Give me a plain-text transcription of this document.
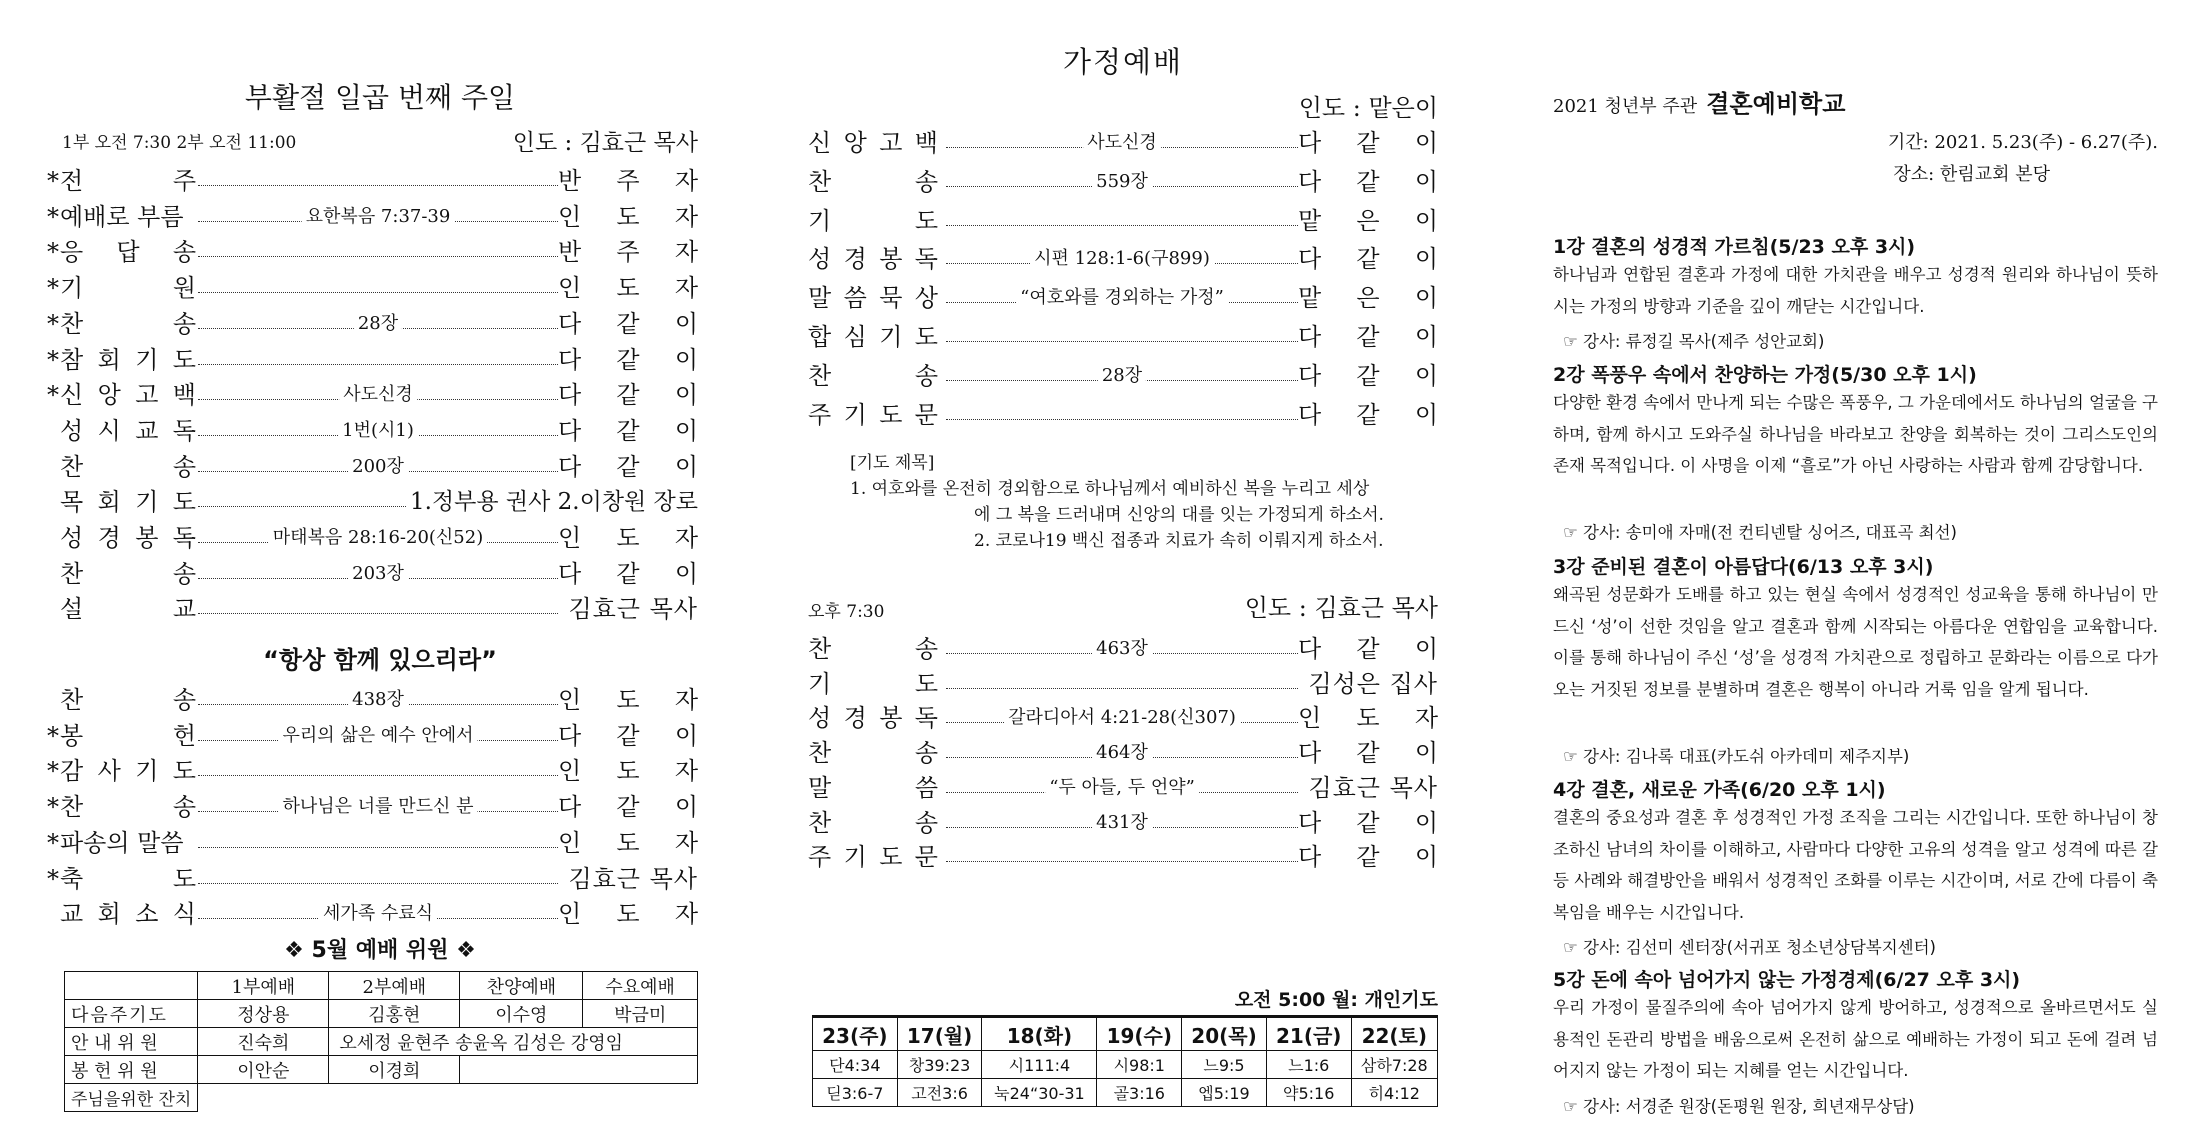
부활절 일곱 번째 주일
1부 오전 7:30 2부 오전 11:00	인도 : 김효근 목사
* 전	주	반 주 자
*예배로 부름	요한복음 7:37-39	인 도 자
* 응 답 송	반 주 자
* 기	원	인 도 자
* 찬	송	28장	다 같 이
* 참 회 기 도	다 같 이
* 신 앙 고 백	사도신경	다 같 이
성 시 교 독	1번(시1)	다 같 이
찬	송	200장	다 같 이
목 회 기 도	1.정부용 권사 2.이창원 장로
성 경 봉 독	마태복음 28:16-20(신52)	인 도 자
찬	송	203장	다 같 이
설	교	김효근 목사
“항상 함께 있으리라”
찬	송	438장	인 도 자
* 봉	헌	우리의 삶은 예수 안에서	다 같 이
* 감 사 기 도	인 도 자
* 찬	송	하나님은 너를 만드신 분	다 같 이
*파송의 말씀	인 도 자
* 축	도	김효근 목사
교 회 소 식	세가족 수료식	인 도 자
❖ 5월 예배 위원 ❖
	1부예배	2부예배	찬양예배	수요예배
다음주기도	정상용	김홍현	이수영	박금미
안 내 위 원	진숙희	오세정 윤현주 송윤옥 김성은 강영임		
봉 헌 위 원	이안순	이경희		
주님을위한 잔치				
가정예배
인도 : 맡은이
신 앙 고 백	사도신경	다 같 이
찬	송	559장	다 같 이
기	도	맡 은 이
성 경 봉 독	시편 128:1-6(구899)	다 같 이
말 씀 묵 상	“여호와를 경외하는 가정”	맡 은 이
합 심 기 도	다 같 이
찬	송	28장	다 같 이
주 기 도 문	다 같 이
[기도 제목]
1. 여호와를 온전히 경외함으로 하나님께서 예비하신 복을 누리고 세상
에 그 복을 드러내며 신앙의 대를 잇는 가정되게 하소서.
2. 코로나19 백신 접종과 치료가 속히 이뤄지게 하소서.
오후 7:30	인도 : 김효근 목사
찬	송	463장	다 같 이
기	도	김성은 집사
성 경 봉 독	갈라디아서 4:21-28(신307)	인 도 자
찬	송	464장	다 같 이
말	씀	“두 아들, 두 언약”	김효근 목사
찬	송	431장	다 같 이
주 기 도 문	다 같 이
오전 5:00 월: 개인기도
23(주)	17(월)	18(화)	19(수)	20(목)	21(금)	22(토)
단4:34	창39:23	시111:4	시98:1	느9:5	느1:6	삼하7:28
딛3:6-7	고전3:6	눅24“30-31	골3:16	엡5:19	약5:16	히4:12
2021 청년부 주관 결혼예비학교
기간: 2021. 5.23(주) - 6.27(주).
장소: 한림교회 본당
1강 결혼의 성경적 가르침(5/23 오후 3시)
하나님과 연합된 결혼과 가정에 대한 가치관을 배우고 성경적 원리와 하나님이 뜻하시는 가정의 방향과 기준을 깊이 깨닫는 시간입니다.
☞ 강사: 류정길 목사(제주 성안교회)
2강 폭풍우 속에서 찬양하는 가정(5/30 오후 1시)
다양한 환경 속에서 만나게 되는 수많은 폭풍우, 그 가운데에서도 하나님의 얼굴을 구하며, 함께 하시고 도와주실 하나님을 바라보고 찬양을 회복하는 것이 그리스도인의 존재 목적입니다. 이 사명을 이제 “흘로”가 아닌 사랑하는 사람과 함께 감당합니다.
☞ 강사: 송미애 자매(전 컨티넨탈 싱어즈, 대표곡 최선)
3강 준비된 결혼이 아름답다(6/13 오후 3시)
왜곡된 성문화가 도배를 하고 있는 현실 속에서 성경적인 성교육을 통해 하나님이 만드신 ‘성’이 선한 것임을 알고 결혼과 함께 시작되는 아름다운 연합임을 교육합니다. 이를 통해 하나님이 주신 ‘성’을 성경적 가치관으로 정립하고 문화라는 이름으로 다가오는 거짓된 정보를 분별하며 결혼은 행복이 아니라 거룩 임을 알게 됩니다.
☞ 강사: 김나록 대표(카도쉬 아카데미 제주지부)
4강 결혼, 새로운 가족(6/20 오후 1시)
결혼의 중요성과 결혼 후 성경적인 가정 조직을 그리는 시간입니다. 또한 하나님이 창조하신 남녀의 차이를 이해하고, 사람마다 다양한 고유의 성격을 알고 성격에 따른 갈등 사례와 해결방안을 배워서 성경적인 조화를 이루는 시간이며, 서로 간에 다름이 축복임을 배우는 시간입니다.
☞ 강사: 김선미 센터장(서귀포 청소년상담복지센터)
5강 돈에 속아 넘어가지 않는 가정경제(6/27 오후 3시)
우리 가정이 물질주의에 속아 넘어가지 않게 방어하고, 성경적으로 올바르면서도 실용적인 돈관리 방법을 배움으로써 온전히 삶으로 예배하는 가정이 되고 돈에 걸려 넘어지지 않는 가정이 되는 지혜를 얻는 시간입니다.
☞ 강사: 서경준 원장(돈평원 원장, 희년재무상담)
